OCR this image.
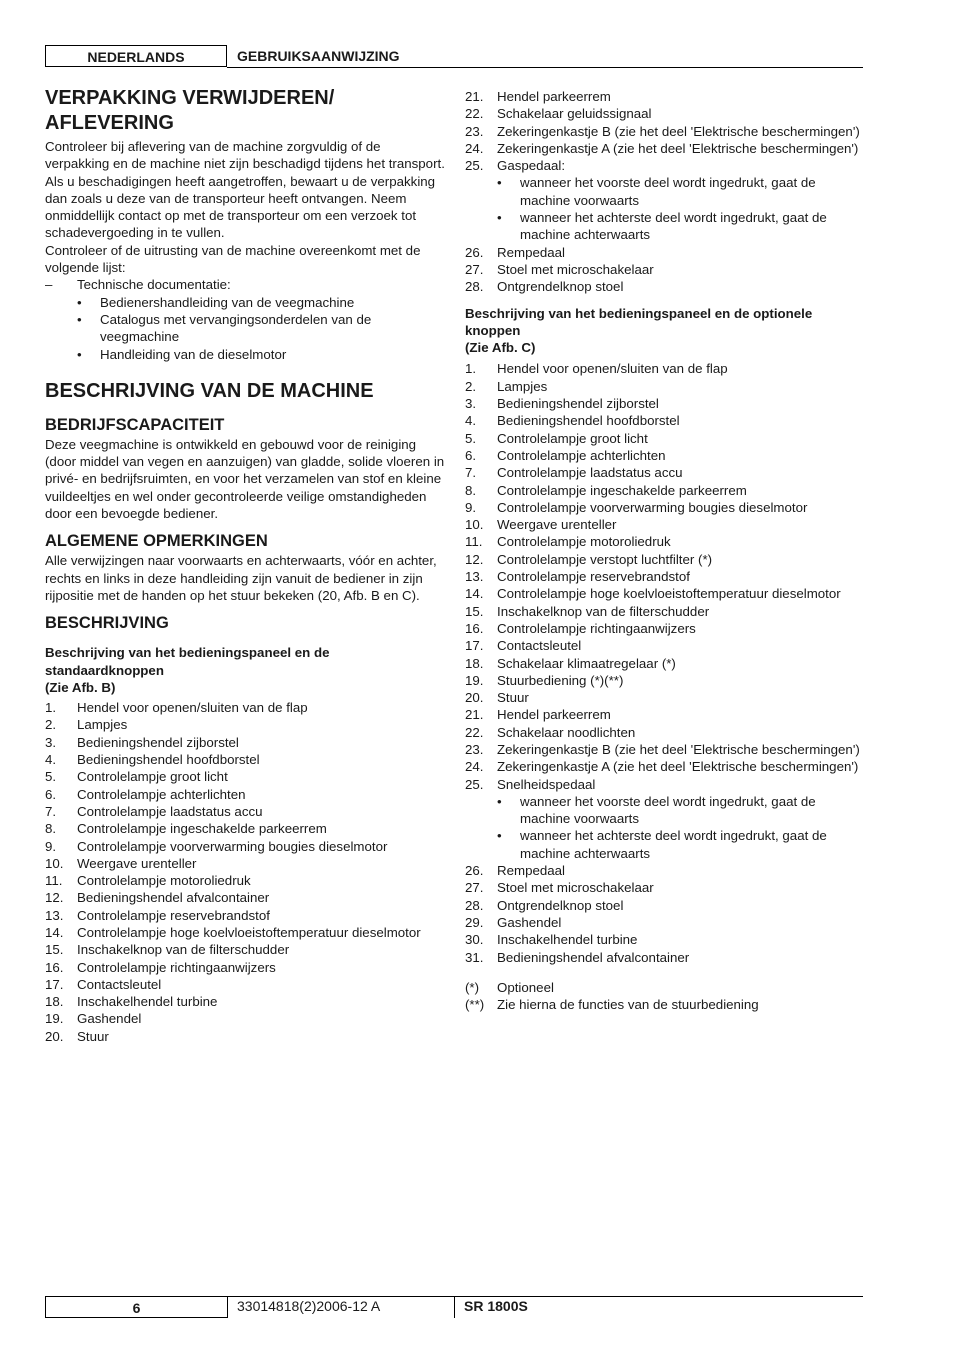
NEDERLANDS	GEBRUIKSAANWIJZING
VERPAKKING VERWIJDEREN/
AFLEVERING

Controleer bij aflevering van de machine zorgvuldig of de verpakking en de machine niet zijn beschadigd tijdens het transport. Als u beschadigingen heeft aangetroffen, bewaart u de verpakking dan zoals u deze van de transporteur heeft ontvangen. Neem onmiddellijk contact op met de transporteur om een verzoek tot schadevergoeding in te vullen.

Controleer of de uitrusting van de machine overeenkomt met de volgende lijst:

–	Technische documentatie:
•	Bedienershandleiding van de veegmachine
•	Catalogus met vervangingsonderdelen van de veegmachine
•	Handleiding van de dieselmotor
BESCHRIJVING VAN DE MACHINE
BEDRIJFSCAPACITEIT

Deze veegmachine is ontwikkeld en gebouwd voor de reiniging (door middel van vegen en aanzuigen) van gladde, solide vloeren in privé- en bedrijfsruimten, en voor het verzamelen van stof en kleine vuildeeltjes en wel onder gecontroleerde veilige omstandigheden door een bevoegde bediener.

ALGEMENE OPMERKINGEN

Alle verwijzingen naar voorwaarts en achterwaarts, vóór en achter, rechts en links in deze handleiding zijn vanuit de bediener in zijn rijpositie met de handen op het stuur bekeken (20, Afb. B en C).

BESCHRIJVING
Beschrijving van het bedieningspaneel en de standaardknoppen
(Zie Afb. B)
1.	Hendel voor openen/sluiten van de flap
2.	Lampjes
3.	Bedieningshendel zijborstel
4.	Bedieningshendel hoofdborstel
5.	Controlelampje groot licht
6.	Controlelampje achterlichten
7.	Controlelampje laadstatus accu
8.	Controlelampje ingeschakelde parkeerrem
9.	Controlelampje voorverwarming bougies dieselmotor
10.	Weergave urenteller
11.	Controlelampje motoroliedruk
12.	Bedieningshendel afvalcontainer
13.	Controlelampje reservebrandstof
14.	Controlelampje hoge koelvloeistoftemperatuur dieselmotor
15.	Inschakelknop van de filterschudder
16.	Controlelampje richtingaanwijzers
17.	Contactsleutel
18.	Inschakelhendel turbine
19.	Gashendel
20.	Stuur
21.	Hendel parkeerrem
22.	Schakelaar geluidssignaal
23.	Zekeringenkastje B (zie het deel 'Elektrische beschermingen')
24.	Zekeringenkastje A (zie het deel 'Elektrische beschermingen')
25.	Gaspedaal:
•	wanneer het voorste deel wordt ingedrukt, gaat de machine voorwaarts
•	wanneer het achterste deel wordt ingedrukt, gaat de machine achterwaarts
26.	Rempedaal
27.	Stoel met microschakelaar
28.	Ontgrendelknop stoel
Beschrijving van het bedieningspaneel en de optionele knoppen
(Zie Afb. C)
1.	Hendel voor openen/sluiten van de flap
2.	Lampjes
3.	Bedieningshendel zijborstel
4.	Bedieningshendel hoofdborstel
5.	Controlelampje groot licht
6.	Controlelampje achterlichten
7.	Controlelampje laadstatus accu
8.	Controlelampje ingeschakelde parkeerrem
9.	Controlelampje voorverwarming bougies dieselmotor
10.	Weergave urenteller
11.	Controlelampje motoroliedruk
12.	Controlelampje verstopt luchtfilter (*)
13.	Controlelampje reservebrandstof
14.	Controlelampje hoge koelvloeistoftemperatuur dieselmotor
15.	Inschakelknop van de filterschudder
16.	Controlelampje richtingaanwijzers
17.	Contactsleutel
18.	Schakelaar klimaatregelaar (*)
19.	Stuurbediening (*)(**)
20.	Stuur
21.	Hendel parkeerrem
22.	Schakelaar noodlichten
23.	Zekeringenkastje B (zie het deel 'Elektrische beschermingen')
24.	Zekeringenkastje A (zie het deel 'Elektrische beschermingen')
25.	Snelheidspedaal
•	wanneer het voorste deel wordt ingedrukt, gaat de machine voorwaarts
•	wanneer het achterste deel wordt ingedrukt, gaat de machine achterwaarts
26.	Rempedaal
27.	Stoel met microschakelaar
28.	Ontgrendelknop stoel
29.	Gashendel
30.	Inschakelhendel turbine
31.	Bedieningshendel afvalcontainer
(*)	Optioneel
(**) Zie hierna de functies van de stuurbediening
6	33014818(2)2006-12 A	SR 1800S
